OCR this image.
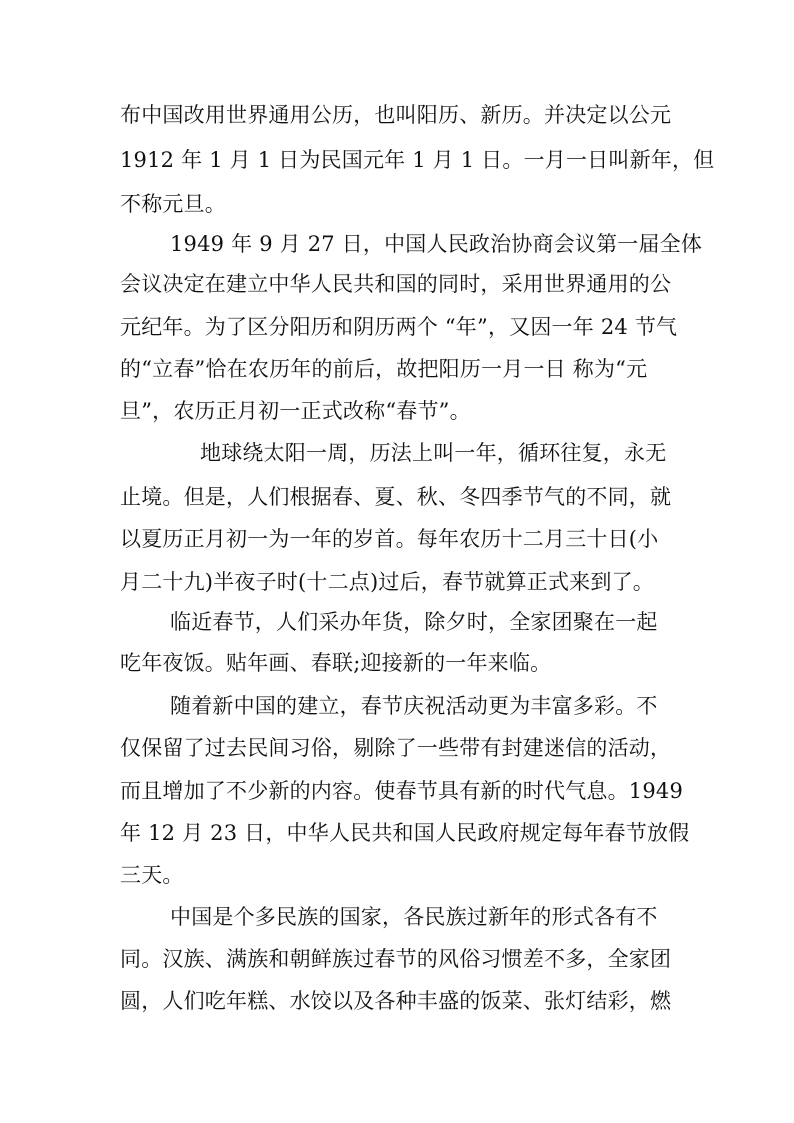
布中国改用世界通用公历，也叫阳历、新历。并决定以公元
1912 年 1 月 1 日为民国元年 1 月 1 日。一月一日叫新年，但
不称元旦。
1949 年 9 月 27 日，中国人民政治协商会议第一届全体
会议决定在建立中华人民共和国的同时，采用世界通用的公
元纪年。为了区分阳历和阴历两个 “年”，又因一年 24 节气
的“立春”恰在农历年的前后，故把阳历一月一日 称为“元
旦”，农历正月初一正式改称“春节”。
地球绕太阳一周，历法上叫一年，循环往复，永无
止境。但是，人们根据春、夏、秋、冬四季节气的不同，就
以夏历正月初一为一年的岁首。每年农历十二月三十日(小
月二十九)半夜子时(十二点)过后，春节就算正式来到了。
临近春节，人们采办年货，除夕时，全家团聚在一起
吃年夜饭。贴年画、春联;迎接新的一年来临。
随着新中国的建立，春节庆祝活动更为丰富多彩。不
仅保留了过去民间习俗，剔除了一些带有封建迷信的活动，
而且增加了不少新的内容。使春节具有新的时代气息。1949
年 12 月 23 日，中华人民共和国人民政府规定每年春节放假
三天。
中国是个多民族的国家，各民族过新年的形式各有不
同。汉族、满族和朝鲜族过春节的风俗习惯差不多，全家团
圆，人们吃年糕、水饺以及各种丰盛的饭菜、张灯结彩，燃
